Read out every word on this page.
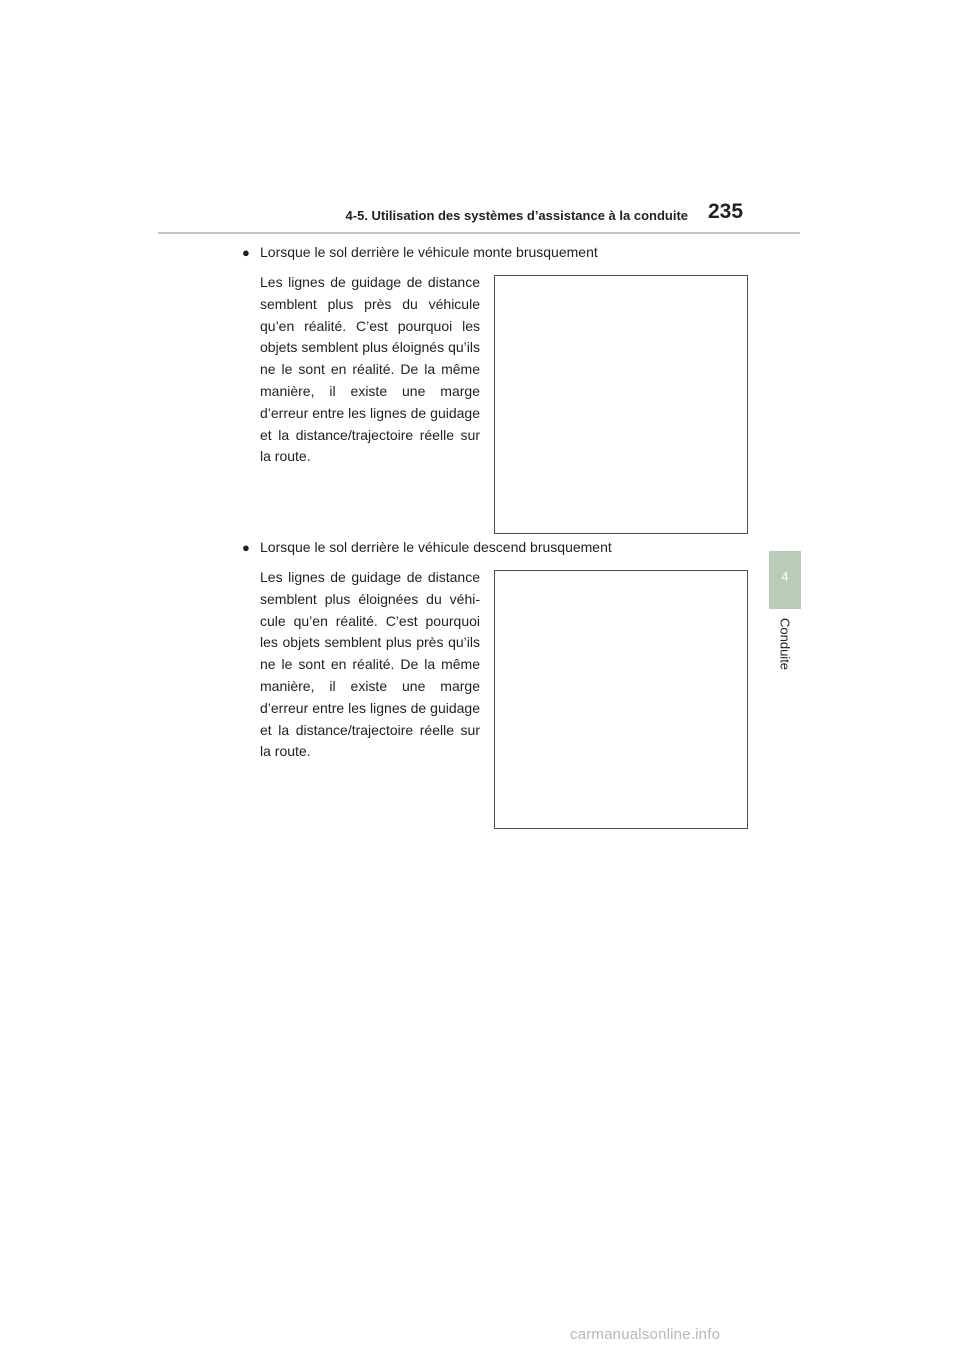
4-5. Utilisation des systèmes d’assistance à la conduite 235
4
Conduite
● Lorsque le sol derrière le véhicule monte brusquement
Les lignes de guidage de distance semblent plus près du véhicule qu’en réalité. C’est pourquoi les objets semblent plus éloignés qu’ils ne le sont en réalité. De la même manière, il existe une marge d’erreur entre les lignes de guidage et la distance/trajectoire réelle sur la route.
● Lorsque le sol derrière le véhicule descend brusquement
Les lignes de guidage de distance semblent plus éloignées du véhi-cule qu’en réalité. C’est pourquoi les objets semblent plus près qu’ils ne le sont en réalité. De la même manière, il existe une marge d’erreur entre les lignes de guidage et la distance/trajectoire réelle sur la route.
carmanualsonline.info
